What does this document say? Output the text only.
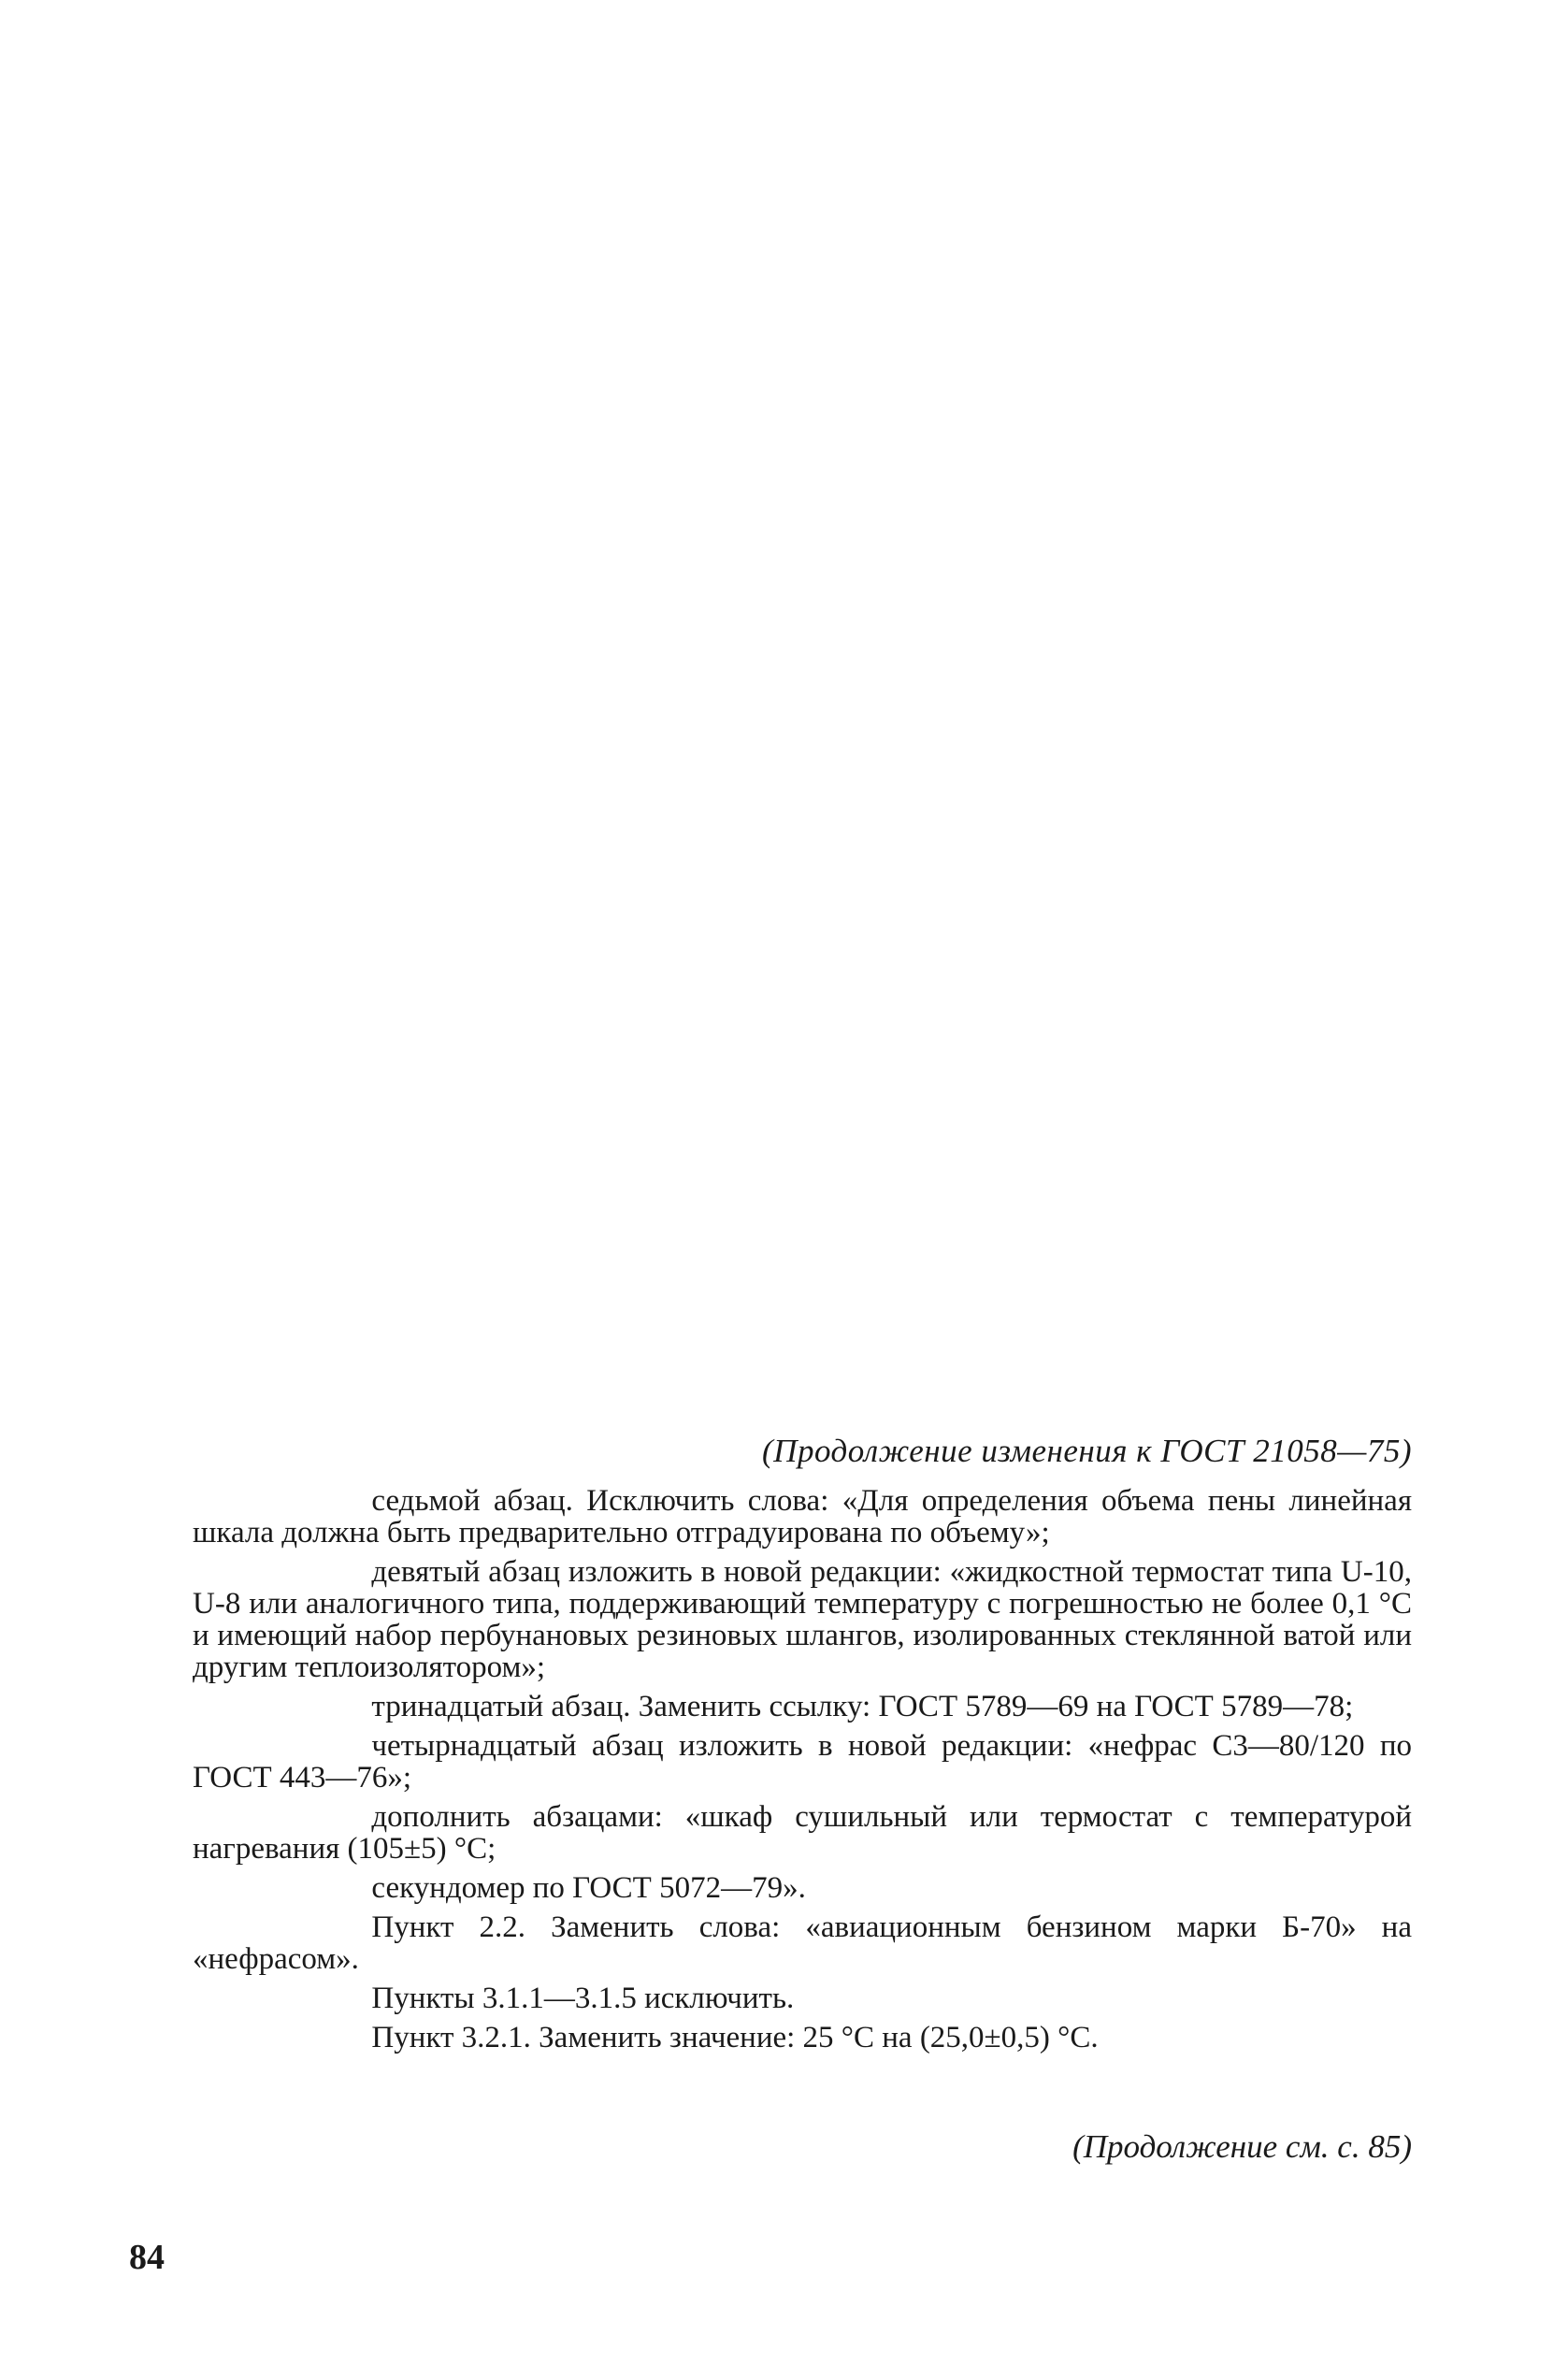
(Продолжение изменения к ГОСТ 21058—75)

седьмой абзац. Исключить слова: «Для определения объема пены линейная шкала должна быть предварительно отградуирована по объему»;

девятый абзац изложить в новой редакции: «жидкостной термостат типа U-10, U-8 или аналогичного типа, поддерживающий температуру с погрешностью не более 0,1 °С и имеющий набор пербунановых резиновых шлангов, изолированных стеклянной ватой или другим теплоизолятором»;

тринадцатый абзац. Заменить ссылку: ГОСТ 5789—69 на ГОСТ 5789—78;

четырнадцатый абзац изложить в новой редакции: «нефрас С3—80/120 по ГОСТ 443—76»;

дополнить абзацами: «шкаф сушильный или термостат с температурой нагревания (105±5) °С;

секундомер по ГОСТ 5072—79».

Пункт 2.2. Заменить слова: «авиационным бензином марки Б-70» на «нефрасом».

Пункты 3.1.1—3.1.5 исключить.

Пункт 3.2.1. Заменить значение: 25 °С на (25,0±0,5) °С.

(Продолжение см. с. 85)
84
